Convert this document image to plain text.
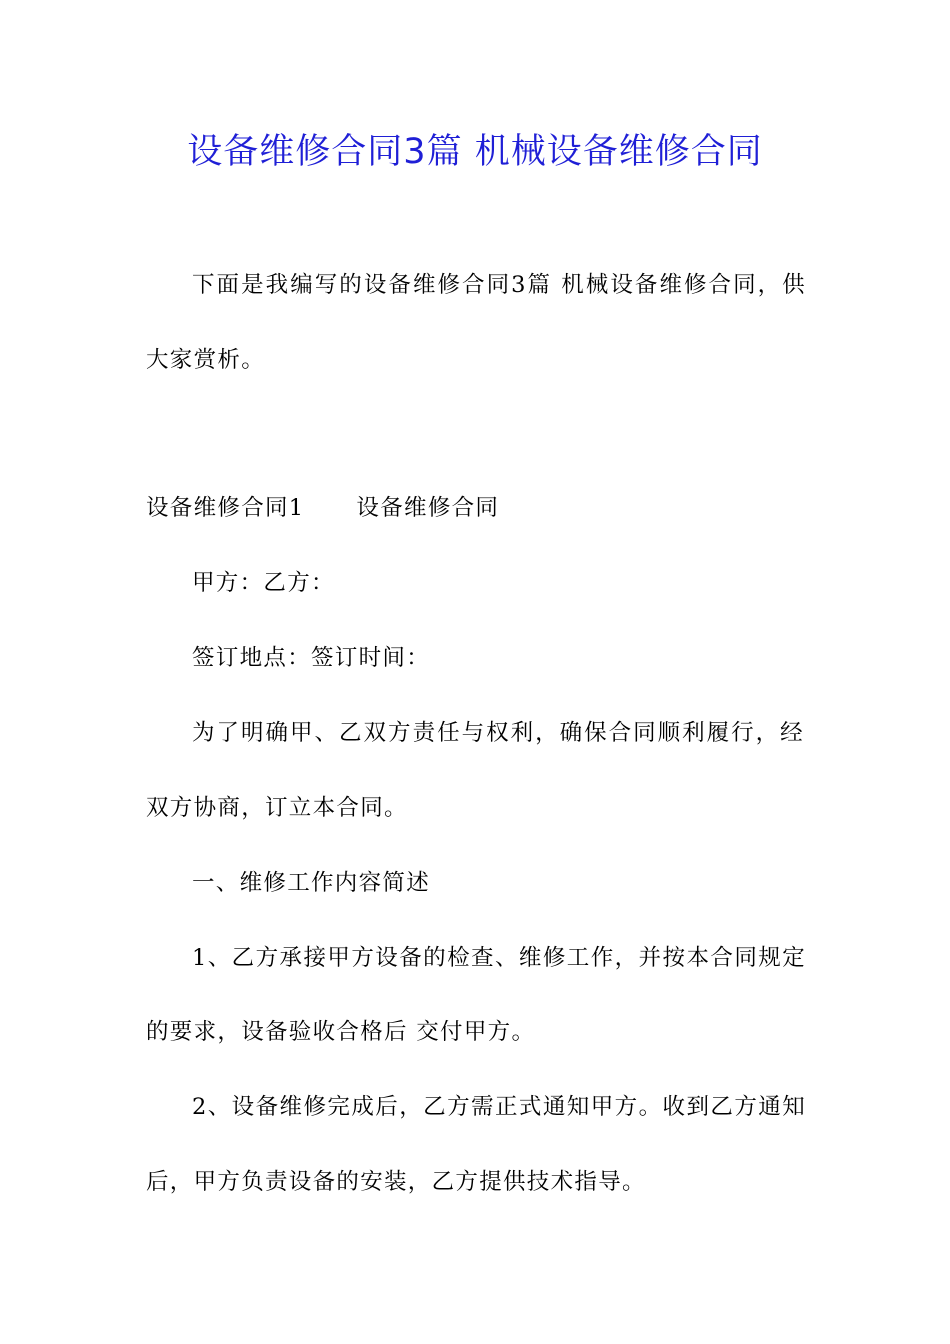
设备维修合同3篇 机械设备维修合同
下面是我编写的设备维修合同3篇 机械设备维修合同，供
大家赏析。
设备维修合同1 设备维修合同
甲方：乙方：
签订地点：签订时间：
为了明确甲、乙双方责任与权利，确保合同顺利履行，经
双方协商，订立本合同。
一、维修工作内容简述
1、乙方承接甲方设备的检查、维修工作，并按本合同规定
的要求，设备验收合格后 交付甲方。
2、设备维修完成后，乙方需正式通知甲方。收到乙方通知
后，甲方负责设备的安装，乙方提供技术指导。
